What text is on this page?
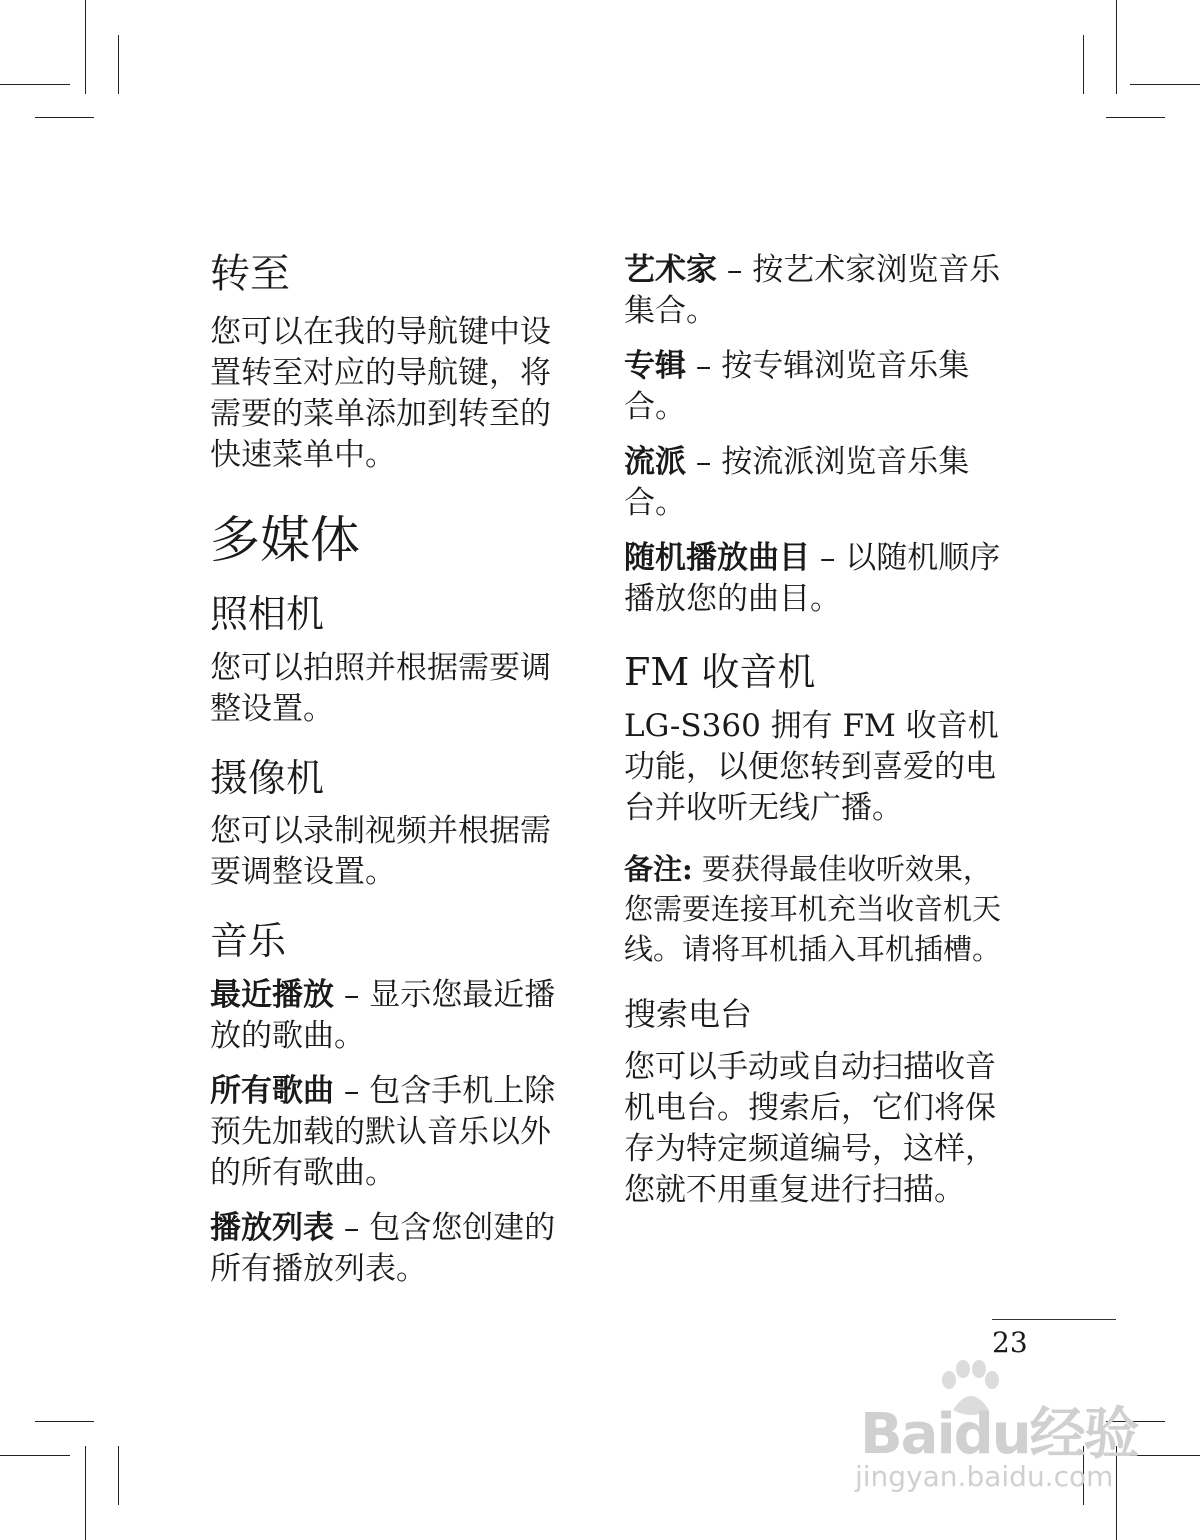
转至

您可以在我的导航键中设置转至对应的导航键，将需要的菜单添加到转至的快速菜单中。

多媒体
照相机

您可以拍照并根据需要调整设置。

摄像机

您可以录制视频并根据需要调整设置。

音乐

最近播放 – 显示您最近播放的歌曲。

所有歌曲 – 包含手机上除预先加载的默认音乐以外的所有歌曲。

播放列表 – 包含您创建的所有播放列表。

艺术家 – 按艺术家浏览音乐集合。

专辑 – 按专辑浏览音乐集合。

流派 – 按流派浏览音乐集合。

随机播放曲目 – 以随机顺序播放您的曲目。

FM 收音机

LG-S360 拥有 FM 收音机功能，以便您转到喜爱的电台并收听无线广播。

备注: 要获得最佳收听效果，您需要连接耳机充当收音机天线。请将耳机插入耳机插槽。

搜索电台

您可以手动或自动扫描收音机电台。搜索后，它们将保存为特定频道编号，这样，您就不用重复进行扫描。

23
Baidu经验
jingyan.baidu.com
